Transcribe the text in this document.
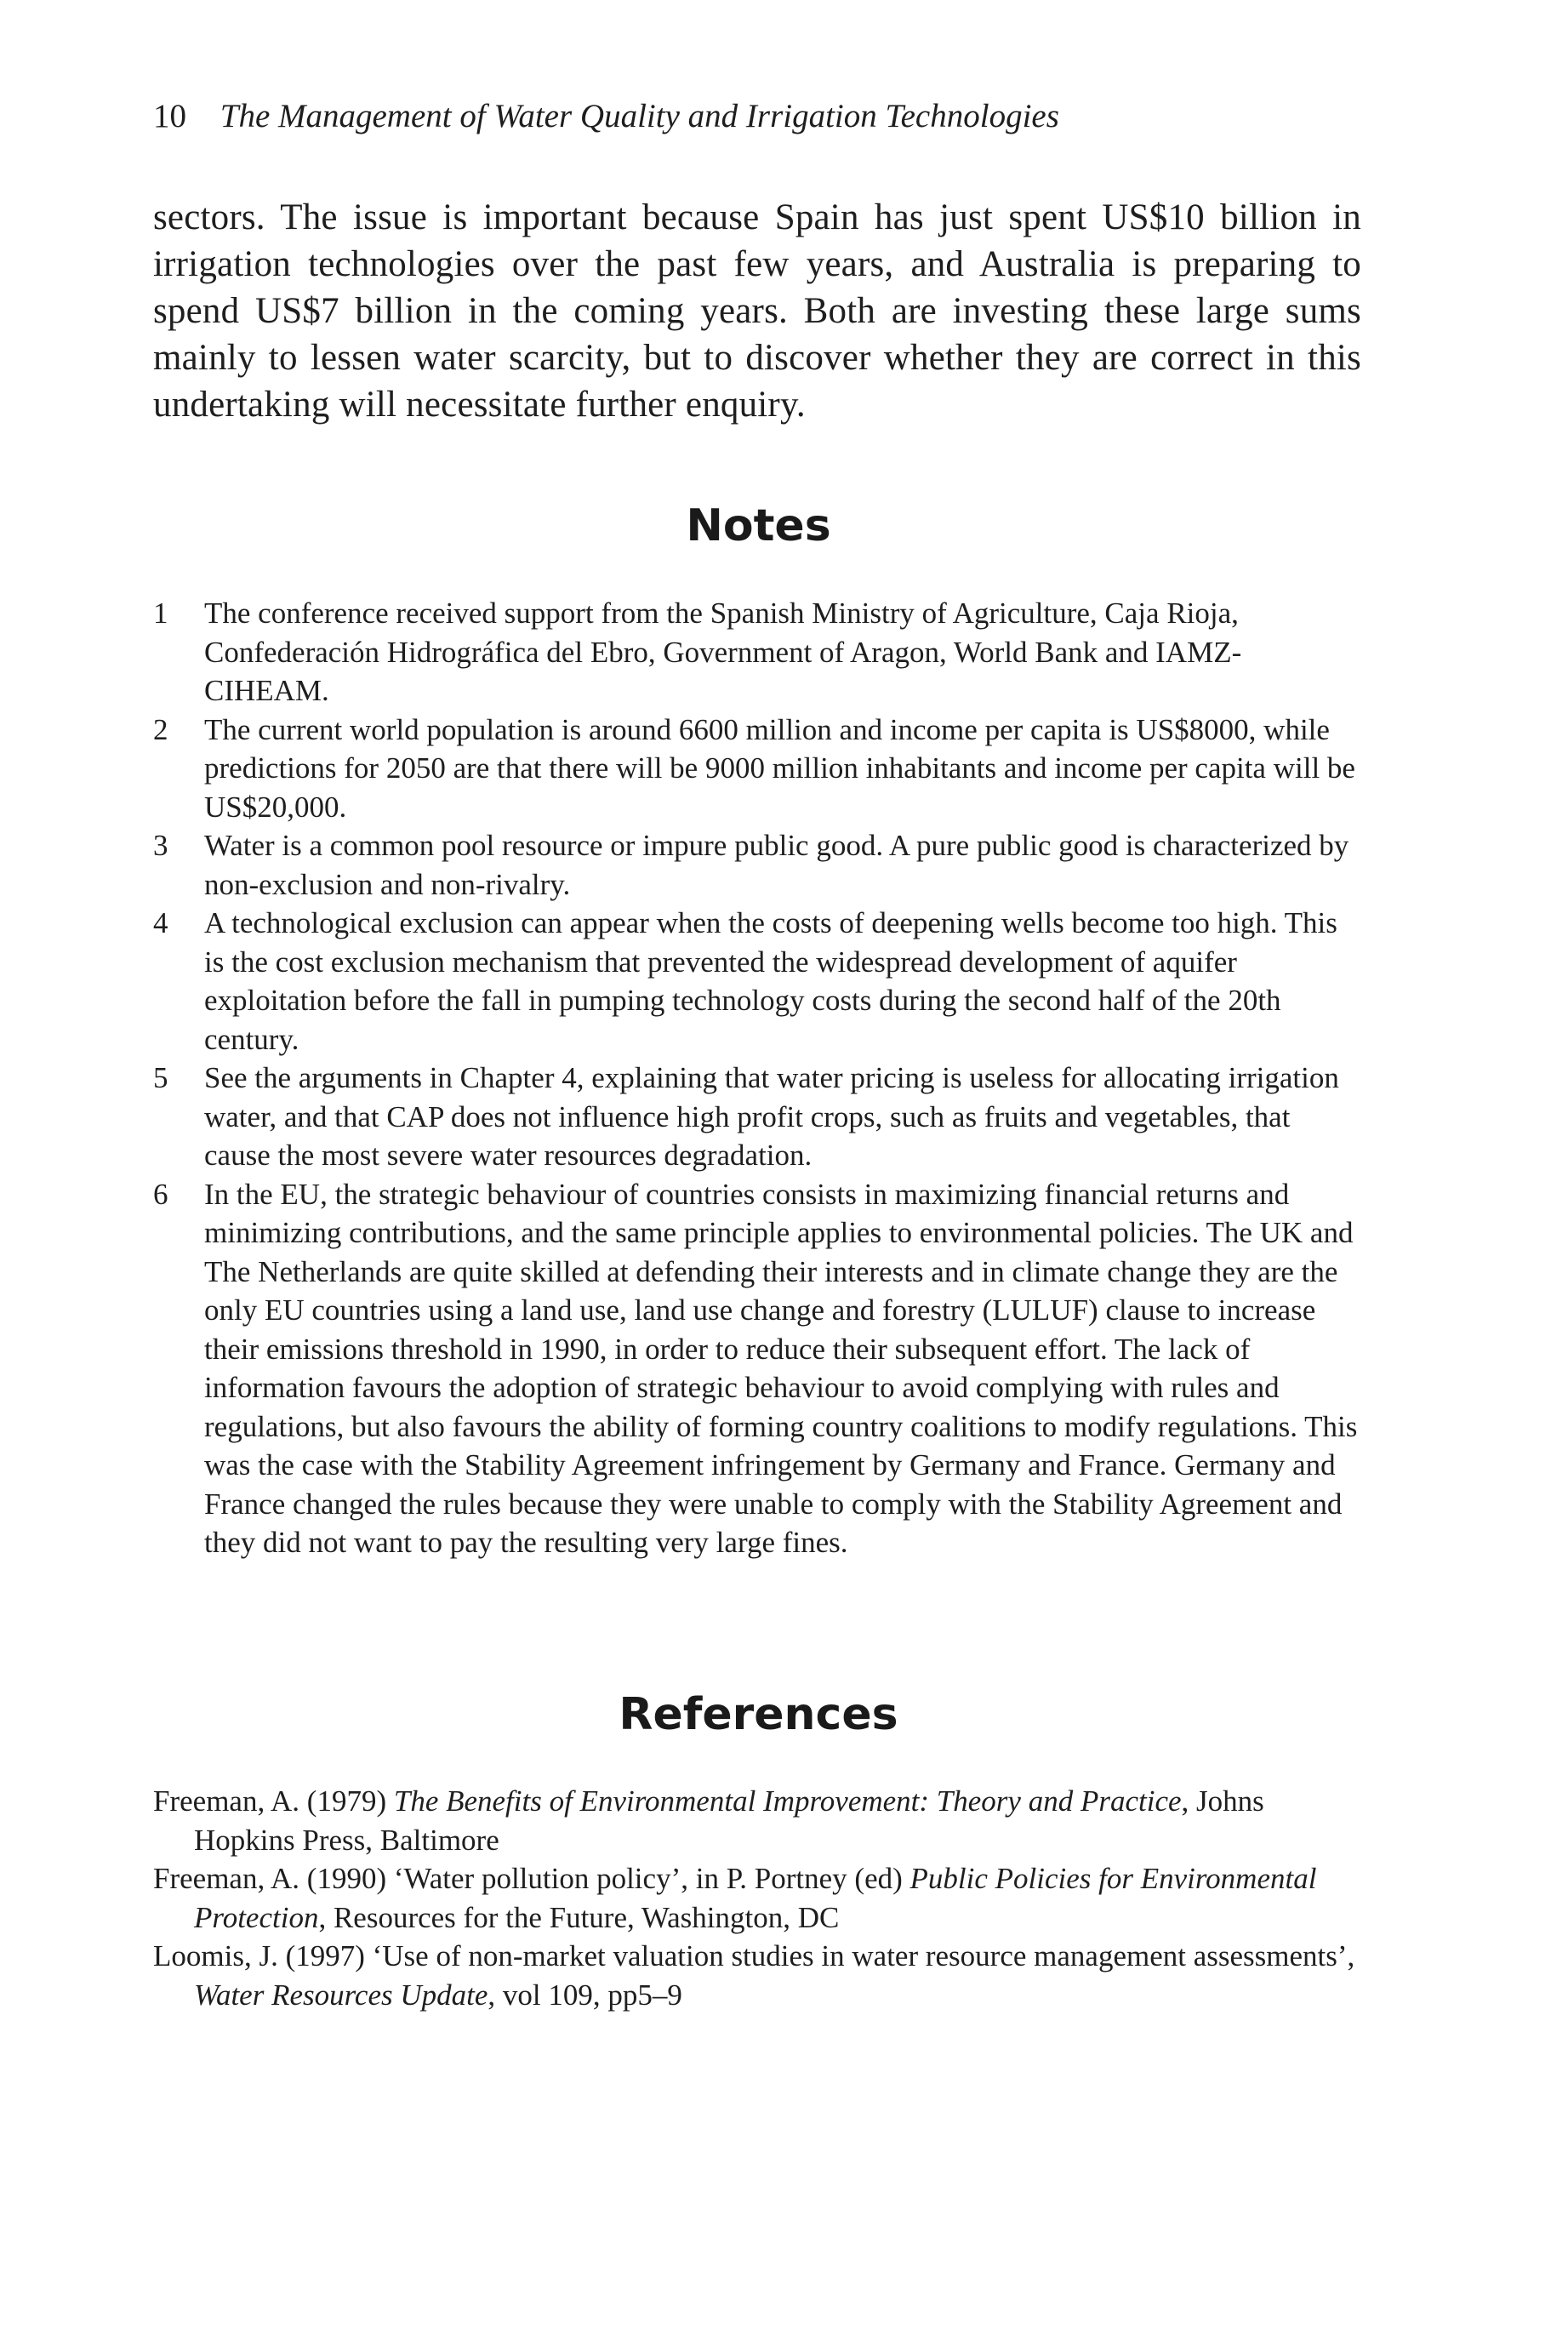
10 The Management of Water Quality and Irrigation Technologies

sectors. The issue is important because Spain has just spent US$10 billion in irrigation technologies over the past few years, and Australia is preparing to spend US$7 billion in the coming years. Both are investing these large sums mainly to lessen water scarcity, but to discover whether they are correct in this undertaking will necessitate further enquiry.

Notes
1	The conference received support from the Spanish Ministry of Agriculture, Caja Rioja, Confederación Hidrográfica del Ebro, Government of Aragon, World Bank and IAMZ-CIHEAM.
2	The current world population is around 6600 million and income per capita is US$8000, while predictions for 2050 are that there will be 9000 million inhabitants and income per capita will be US$20,000.
3	Water is a common pool resource or impure public good. A pure public good is characterized by non-exclusion and non-rivalry.
4	A technological exclusion can appear when the costs of deepening wells become too high. This is the cost exclusion mechanism that prevented the widespread development of aquifer exploitation before the fall in pumping technology costs during the second half of the 20th century.
5	See the arguments in Chapter 4, explaining that water pricing is useless for allocating irrigation water, and that CAP does not influence high profit crops, such as fruits and vegetables, that cause the most severe water resources degradation.
6	In the EU, the strategic behaviour of countries consists in maximizing financial returns and minimizing contributions, and the same principle applies to environmental policies. The UK and The Netherlands are quite skilled at defending their interests and in climate change they are the only EU countries using a land use, land use change and forestry (LULUF) clause to increase their emissions threshold in 1990, in order to reduce their subsequent effort. The lack of information favours the adoption of strategic behaviour to avoid complying with rules and regulations, but also favours the ability of forming country coalitions to modify regulations. This was the case with the Stability Agreement infringement by Germany and France. Germany and France changed the rules because they were unable to comply with the Stability Agreement and they did not want to pay the resulting very large fines.
References
Freeman, A. (1979) The Benefits of Environmental Improvement: Theory and Practice, Johns Hopkins Press, Baltimore
Freeman, A. (1990) ‘Water pollution policy’, in P. Portney (ed) Public Policies for Environmental Protection, Resources for the Future, Washington, DC
Loomis, J. (1997) ‘Use of non-market valuation studies in water resource management assessments’, Water Resources Update, vol 109, pp5–9
